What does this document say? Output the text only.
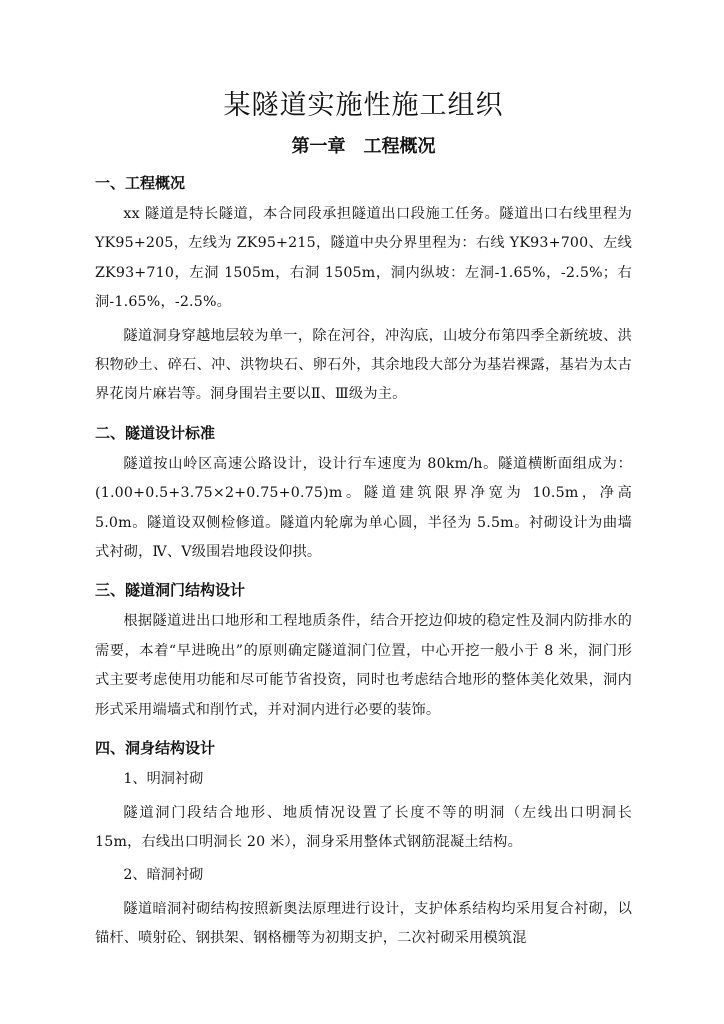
某隧道实施性施工组织
第一章　工程概况
一、工程概况

xx 隧道是特长隧道，本合同段承担隧道出口段施工任务。隧道出口右线里程为 YK95+205，左线为 ZK95+215，隧道中央分界里程为：右线 YK93+700、左线 ZK93+710，左洞 1505m，右洞 1505m，洞内纵坡：左洞-1.65%，-2.5%；右洞-1.65%，-2.5%。

隧道洞身穿越地层较为单一，除在河谷，冲沟底，山坡分布第四季全新统坡、洪积物砂土、碎石、冲、洪物块石、卵石外，其余地段大部分为基岩裸露，基岩为太古界花岗片麻岩等。洞身围岩主要以Ⅱ、Ⅲ级为主。

二、隧道设计标准

隧道按山岭区高速公路设计，设计行车速度为 80km/h。隧道横断面组成为：(1.00+0.5+3.75×2+0.75+0.75)m。隧道建筑限界净宽为 10.5m，净高 5.0m。隧道设双侧检修道。隧道内轮廓为单心圆，半径为 5.5m。衬砌设计为曲墙式衬砌，Ⅳ、Ⅴ级围岩地段设仰拱。

三、隧道洞门结构设计

根据隧道进出口地形和工程地质条件，结合开挖边仰坡的稳定性及洞内防排水的需要，本着“早进晚出”的原则确定隧道洞门位置，中心开挖一般小于 8 米，洞门形式主要考虑使用功能和尽可能节省投资，同时也考虑结合地形的整体美化效果，洞内形式采用端墙式和削竹式，并对洞内进行必要的装饰。

四、洞身结构设计

1、明洞衬砌

隧道洞门段结合地形、地质情况设置了长度不等的明洞（左线出口明洞长 15m，右线出口明洞长 20 米），洞身采用整体式钢筋混凝土结构。

2、暗洞衬砌

隧道暗洞衬砌结构按照新奥法原理进行设计，支护体系结构均采用复合衬砌，以锚杆、喷射砼、钢拱架、钢格栅等为初期支护，二次衬砌采用模筑混
